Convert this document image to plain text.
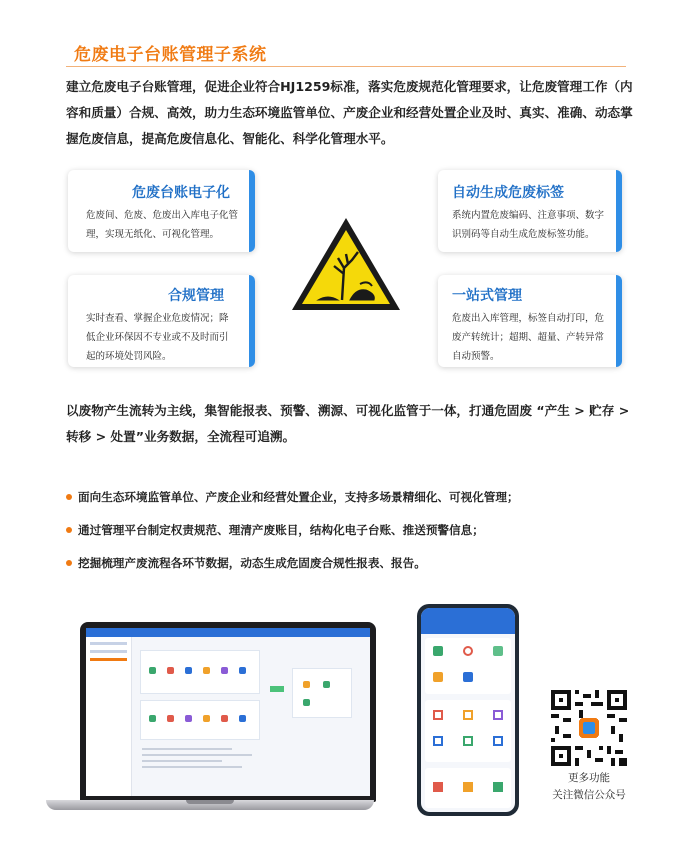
危废电子台账管理子系统
建立危废电子台账管理，促进企业符合HJ1259标准，落实危废规范化管理要求，让危废管理工作（内容和质量）合规、高效，助力生态环境监管单位、产废企业和经营处置企业及时、真实、准确、动态掌握危废信息，提高危废信息化、智能化、科学化管理水平。
危废台账电子化
危废间、危废、危废出入库电子化管理，实现无纸化、可视化管理。
合规管理
实时查看、掌握企业危废情况；降低企业环保因不专业或不及时而引起的环境处罚风险。
自动生成危废标签
系统内置危废编码、注意事项、数字识别码等自动生成危废标签功能。
一站式管理
危废出入库管理，标签自动打印，危废产转统计；超期、超量、产转异常自动预警。
以废物产生流转为主线，集智能报表、预警、溯源、可视化监管于一体，打通危固废 “产生 > 贮存 > 转移 > 处置”业务数据，全流程可追溯。
面向生态环境监管单位、产废企业和经营处置企业，支持多场景精细化、可视化管理；
通过管理平台制定权责规范、理清产废账目，结构化电子台账、推送预警信息；
挖掘梳理产废流程各环节数据，动态生成危固废合规性报表、报告。
更多功能
关注微信公众号
